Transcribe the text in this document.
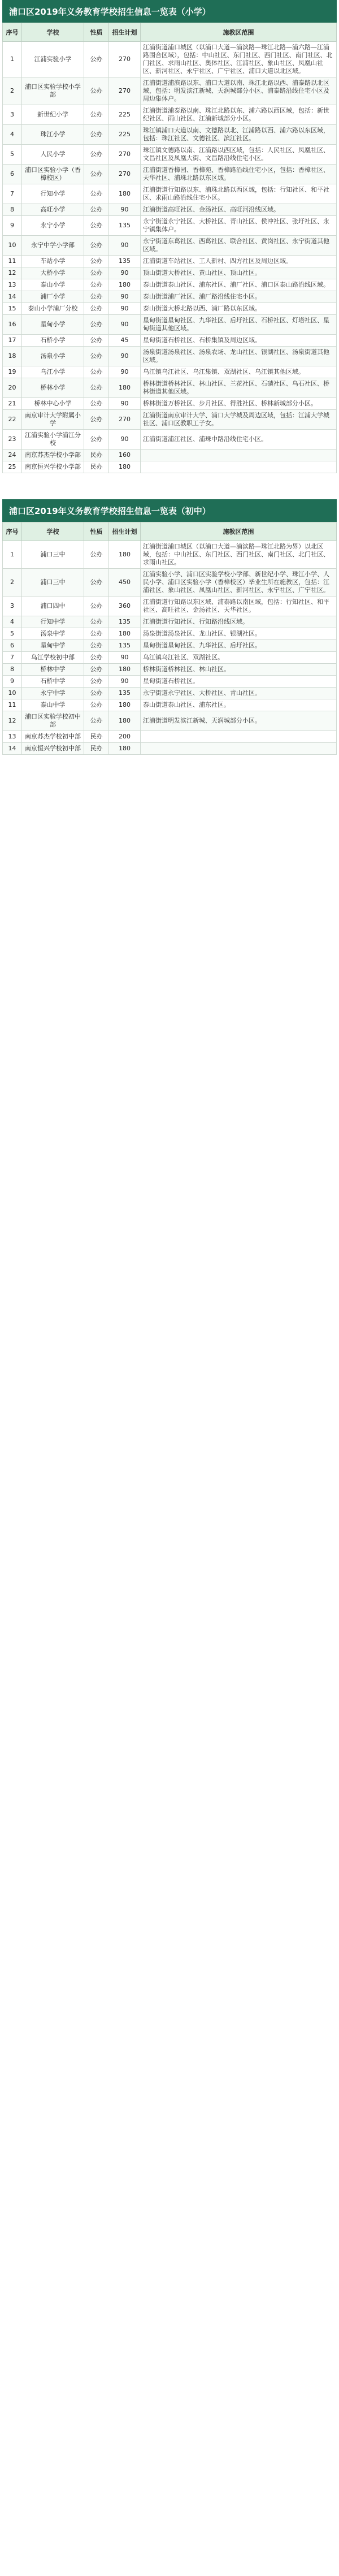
浦口区2019年义务教育学校招生信息一览表（小学）
序号	学校	性质	招生计划	施教区范围
1	江浦实验小学	公办	270	江浦街道浦口城区（以浦口大道—浦滨路—珠江北路—浦六路—江浦路围合区域），包括：中山社区、东门社区、西门社区、南门社区、北门社区、求雨山社区、奥体社区、江浦社区、象山社区、凤凰山社区、新河社区、永宁社区、广宁社区、浦口大道以北区域。
2	浦口区实验学校小学部	公办	270	江浦街道浦滨路以东、浦口大道以南、珠江北路以西、浦泰路以北区域，包括：明发滨江新城、天润城部分小区、浦泰路沿线住宅小区及周边集体户。
3	新世纪小学	公办	225	江浦街道浦泰路以南、珠江北路以东、浦六路以西区域，包括：新世纪社区、雨山社区、江浦新城部分小区。
4	珠江小学	公办	225	珠江镇浦口大道以南、文德路以北、江浦路以西、浦六路以东区域，包括：珠江社区、文德社区、滨江社区。
5	人民小学	公办	270	珠江镇文德路以南、江浦路以西区域，包括：人民社区、凤凰社区、文昌社区及凤凰大街、文昌路沿线住宅小区。
6	浦口区实验小学（香樟校区）	公办	270	江浦街道香樟园、香樟苑、香樟路沿线住宅小区，包括：香樟社区、天华社区、浦珠北路以东区域。
7	行知小学	公办	180	江浦街道行知路以东、浦珠北路以西区域，包括：行知社区、和平社区、求雨山路沿线住宅小区。
8	高旺小学	公办	90	江浦街道高旺社区、金汤社区、高旺河沿线区域。
9	永宁小学	公办	135	永宁街道永宁社区、大桥社区、青山社区、侯冲社区、张圩社区、永宁镇集体户。
10	永宁中学小学部	公办	90	永宁街道东葛社区、西葛社区、联合社区、黄岗社区、永宁街道其他区域。
11	车站小学	公办	135	江浦街道车站社区、工人新村、四方社区及周边区域。
12	大桥小学	公办	90	顶山街道大桥社区、黄山社区、顶山社区。
13	泰山小学	公办	180	泰山街道泰山社区、浦东社区、浦厂社区、浦口区泰山路沿线区域。
14	浦厂小学	公办	90	泰山街道浦厂社区、浦厂路沿线住宅小区。
15	泰山小学浦厂分校	公办	90	泰山街道大桥北路以西、浦厂路以东区域。
16	星甸小学	公办	90	星甸街道星甸社区、九华社区、后圩社区、石桥社区、灯塔社区、星甸街道其他区域。
17	石桥小学	公办	45	星甸街道石桥社区、石桥集镇及周边区域。
18	汤泉小学	公办	90	汤泉街道汤泉社区、汤泉农场、龙山社区、银湖社区、汤泉街道其他区域。
19	乌江小学	公办	90	乌江镇乌江社区、乌江集镇、双湖社区、乌江镇其他区域。
20	桥林小学	公办	180	桥林街道桥林社区、林山社区、兰花社区、石碛社区、乌石社区、桥林街道其他区域。
21	桥林中心小学	公办	90	桥林街道万桥社区、步月社区、得胜社区、桥林新城部分小区。
22	南京审计大学附属小学	公办	270	江浦街道南京审计大学、浦口大学城及周边区域，包括：江浦大学城社区、浦口区教职工子女。
23	江浦实验小学浦江分校	公办	90	江浦街道浦江社区、浦珠中路沿线住宅小区。
24	南京苏杰学校小学部	民办	160	
25	南京恒兴学校小学部	民办	180	
浦口区2019年义务教育学校招生信息一览表（初中）
序号	学校	性质	招生计划	施教区范围
1	浦口三中	公办	180	江浦街道浦口城区（以浦口大道—浦滨路—珠江北路为界）以北区域，包括：中山社区、东门社区、西门社区、南门社区、北门社区、求雨山社区。
2	浦口三中	公办	450	江浦实验小学、浦口区实验学校小学部、新世纪小学、珠江小学、人民小学、浦口区实验小学（香樟校区）毕业生所在施教区，包括：江浦社区、象山社区、凤凰山社区、新河社区、永宁社区、广宁社区。
3	浦口四中	公办	360	江浦街道行知路以东区域、浦泰路以南区域，包括：行知社区、和平社区、高旺社区、金汤社区、天华社区。
4	行知中学	公办	135	江浦街道行知社区、行知路沿线区域。
5	汤泉中学	公办	180	汤泉街道汤泉社区、龙山社区、银湖社区。
6	星甸中学	公办	135	星甸街道星甸社区、九华社区、后圩社区。
7	乌江学校初中部	公办	90	乌江镇乌江社区、双湖社区。
8	桥林中学	公办	180	桥林街道桥林社区、林山社区。
9	石桥中学	公办	90	星甸街道石桥社区。
10	永宁中学	公办	135	永宁街道永宁社区、大桥社区、青山社区。
11	泰山中学	公办	180	泰山街道泰山社区、浦东社区。
12	浦口区实验学校初中部	公办	180	江浦街道明发滨江新城、天润城部分小区。
13	南京苏杰学校初中部	民办	200	
14	南京恒兴学校初中部	民办	180	
